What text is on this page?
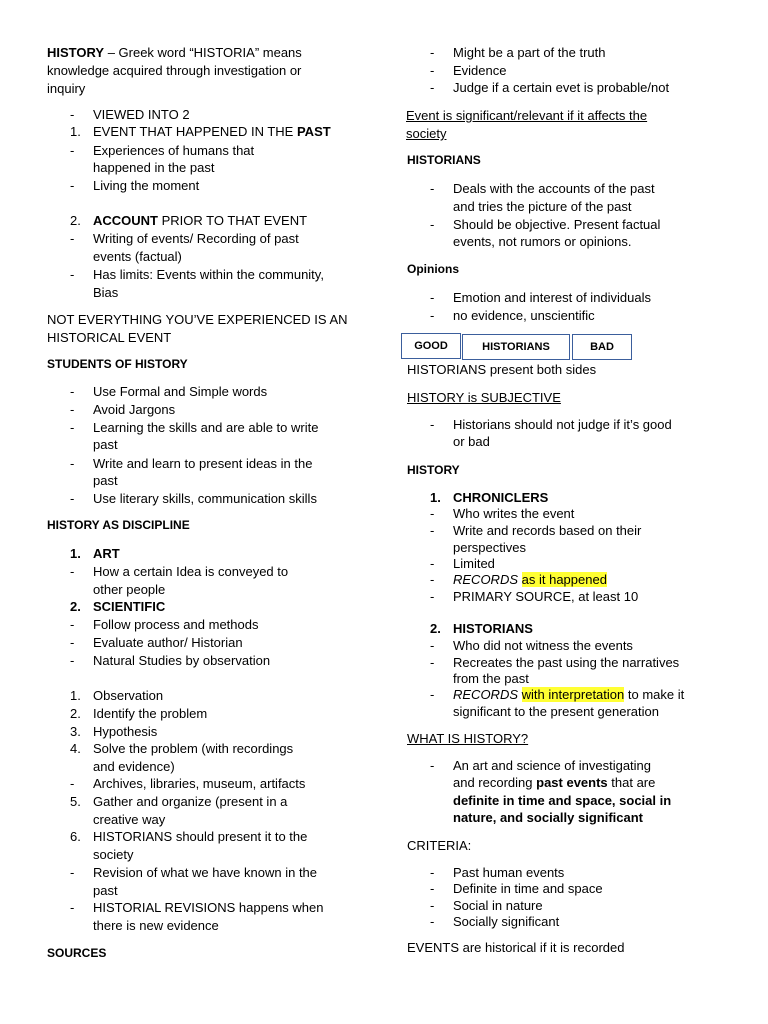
HISTORY – Greek word “HISTORIA” means
knowledge acquired through investigation or
inquiry
- VIEWED INTO 2
1. EVENT THAT HAPPENED IN THE PAST
- Experiences of humans that
happened in the past
- Living the moment
2. ACCOUNT PRIOR TO THAT EVENT
- Writing of events/ Recording of past
events (factual)
- Has limits: Events within the community,
Bias
NOT EVERYTHING YOU’VE EXPERIENCED IS AN
HISTORICAL EVENT
STUDENTS OF HISTORY
- Use Formal and Simple words
- Avoid Jargons
- Learning the skills and are able to write
past
- Write and learn to present ideas in the
past
- Use literary skills, communication skills
HISTORY AS DISCIPLINE
1. ART
- How a certain Idea is conveyed to
other people
2. SCIENTIFIC
- Follow process and methods
- Evaluate author/ Historian
- Natural Studies by observation
1. Observation
2. Identify the problem
3. Hypothesis
4. Solve the problem (with recordings
and evidence)
- Archives, libraries, museum, artifacts
5. Gather and organize (present in a
creative way
6. HISTORIANS should present it to the
society
- Revision of what we have known in the
past
- HISTORIAL REVISIONS happens when
there is new evidence
SOURCES
- Might be a part of the truth
- Evidence
- Judge if a certain evet is probable/not
Event is significant/relevant if it affects the
society
HISTORIANS
- Deals with the accounts of the past
and tries the picture of the past
- Should be objective. Present factual
events, not rumors or opinions.
Opinions
- Emotion and interest of individuals
- no evidence, unscientific
GOOD	HISTORIANS	BAD
HISTORIANS present both sides
HISTORY is SUBJECTIVE
- Historians should not judge if it’s good
or bad
HISTORY
1. CHRONICLERS
- Who writes the event
- Write and records based on their
perspectives
- Limited
- RECORDS as it happened
- PRIMARY SOURCE, at least 10
2. HISTORIANS
- Who did not witness the events
- Recreates the past using the narratives
from the past
- RECORDS with interpretation to make it
significant to the present generation
WHAT IS HISTORY?
- An art and science of investigating
and recording past events that are
definite in time and space, social in
nature, and socially significant
CRITERIA:
- Past human events
- Definite in time and space
- Social in nature
- Socially significant
EVENTS are historical if it is recorded
